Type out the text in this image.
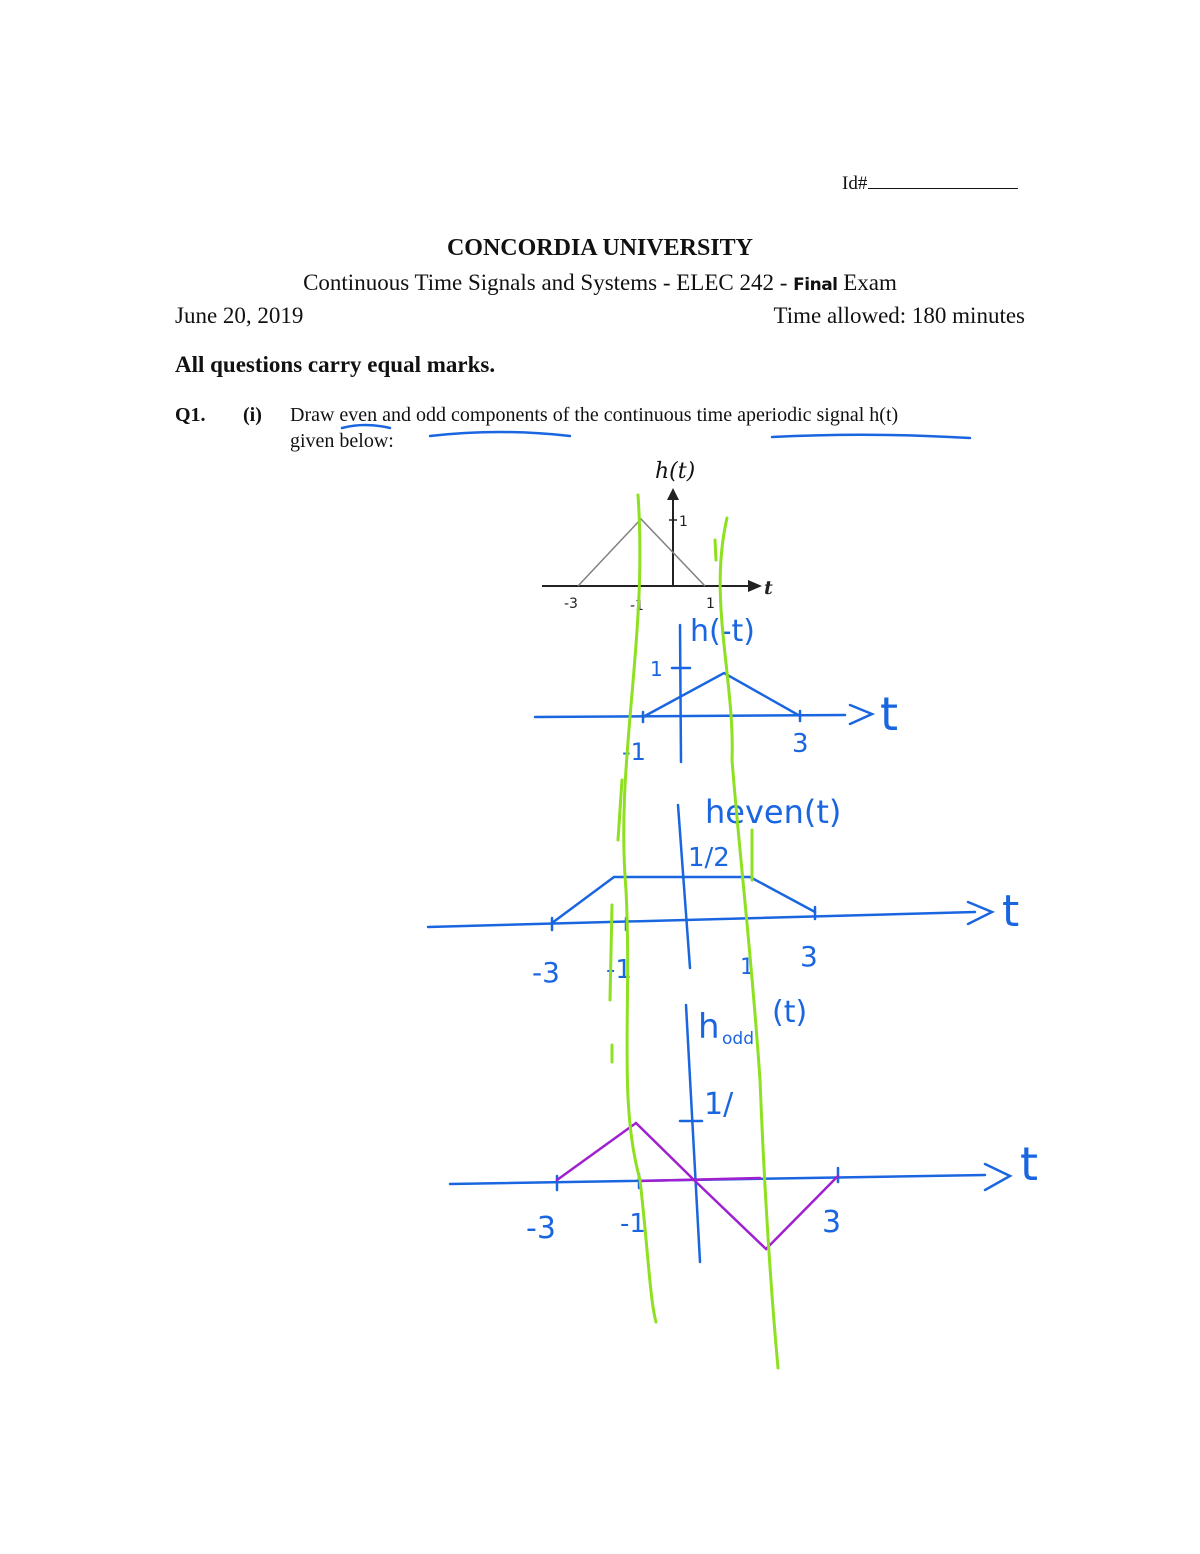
Id#
CONCORDIA UNIVERSITY
Continuous Time Signals and Systems - ELEC 242 - Final Exam
June 20, 2019	Time allowed: 180 minutes
All questions carry equal marks.
Q1. (i) Draw even and odd components of the continuous time aperiodic signal h(t)
given below:
h(t)
1
t
-3	-1	1
h(-t)
1
-1	3
t
heven(t)
1/2
-3 -1	1 3
t
h odd
(t)
1/
-3 -1	3
t
